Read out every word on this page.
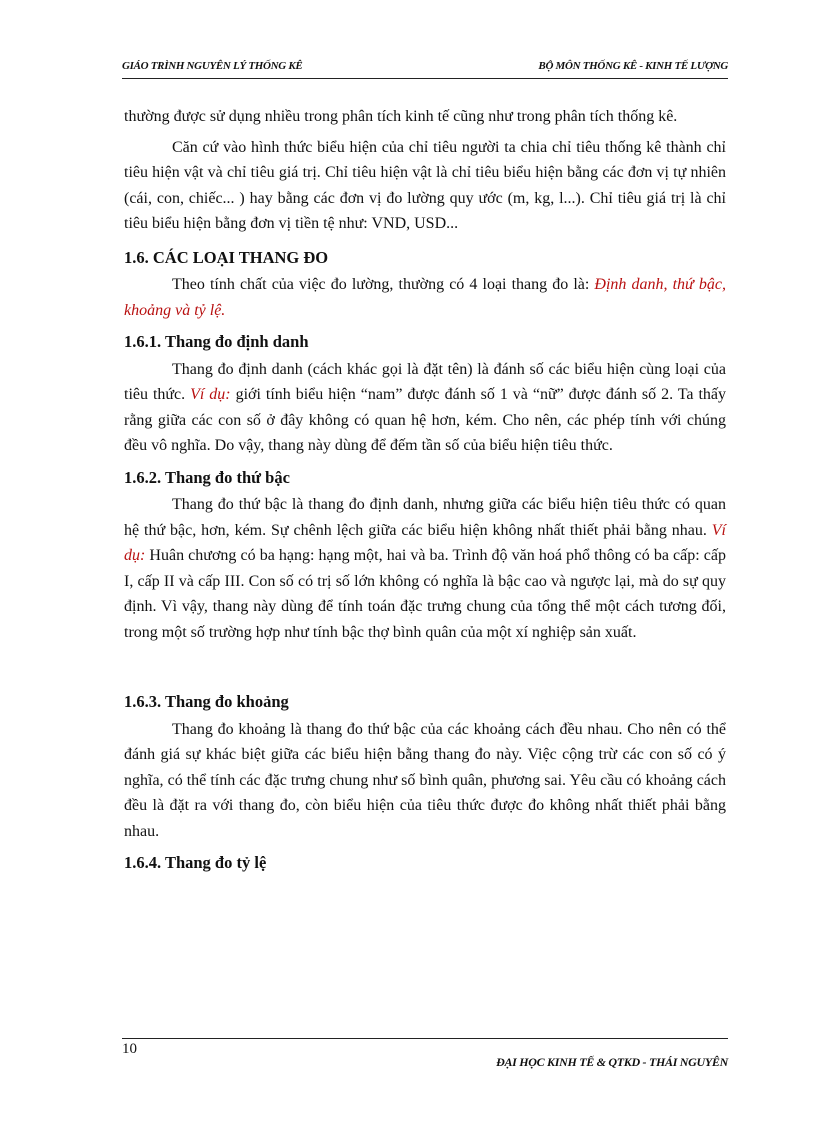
GIÁO TRÌNH NGUYÊN LÝ THỐNG KÊ	BỘ MÔN THỐNG KÊ - KINH TẾ LƯỢNG

thường được sử dụng nhiều trong phân tích kinh tế cũng như trong phân tích thống kê.

Căn cứ vào hình thức biểu hiện của chỉ tiêu người ta chia chỉ tiêu thống kê thành chỉ tiêu hiện vật và chỉ tiêu giá trị. Chỉ tiêu hiện vật là chỉ tiêu biểu hiện bằng các đơn vị tự nhiên (cái, con, chiếc... ) hay bằng các đơn vị đo lường quy ước (m, kg, l...). Chỉ tiêu giá trị là chỉ tiêu biểu hiện bằng đơn vị tiền tệ như: VND, USD...

1.6. CÁC LOẠI THANG ĐO

Theo tính chất của việc đo lường, thường có 4 loại thang đo là: Định danh, thứ bậc, khoảng và tỷ lệ.

1.6.1. Thang đo định danh

Thang đo định danh (cách khác gọi là đặt tên) là đánh số các biểu hiện cùng loại của tiêu thức. Ví dụ: giới tính biểu hiện “nam” được đánh số 1 và “nữ” được đánh số 2. Ta thấy rằng giữa các con số ở đây không có quan hệ hơn, kém. Cho nên, các phép tính với chúng đều vô nghĩa. Do vậy, thang này dùng để đếm tần số của biểu hiện tiêu thức.

1.6.2. Thang đo thứ bậc

Thang đo thứ bậc là thang đo định danh, nhưng giữa các biểu hiện tiêu thức có quan hệ thứ bậc, hơn, kém. Sự chênh lệch giữa các biểu hiện không nhất thiết phải bằng nhau. Ví dụ: Huân chương có ba hạng: hạng một, hai và ba. Trình độ văn hoá phổ thông có ba cấp: cấp I, cấp II và cấp III. Con số có trị số lớn không có nghĩa là bậc cao và ngược lại, mà do sự quy định. Vì vậy, thang này dùng để tính toán đặc trưng chung của tổng thể một cách tương đối, trong một số trường hợp như tính bậc thợ bình quân của một xí nghiệp sản xuất.

1.6.3. Thang đo khoảng

Thang đo khoảng là thang đo thứ bậc của các khoảng cách đều nhau. Cho nên có thể đánh giá sự khác biệt giữa các biểu hiện bằng thang đo này. Việc cộng trừ các con số có ý nghĩa, có thể tính các đặc trưng chung như số bình quân, phương sai. Yêu cầu có khoảng cách đều là đặt ra với thang đo, còn biểu hiện của tiêu thức được đo không nhất thiết phải bằng nhau.

1.6.4. Thang đo tỷ lệ
10
ĐẠI HỌC KINH TẾ & QTKD - THÁI NGUYÊN
